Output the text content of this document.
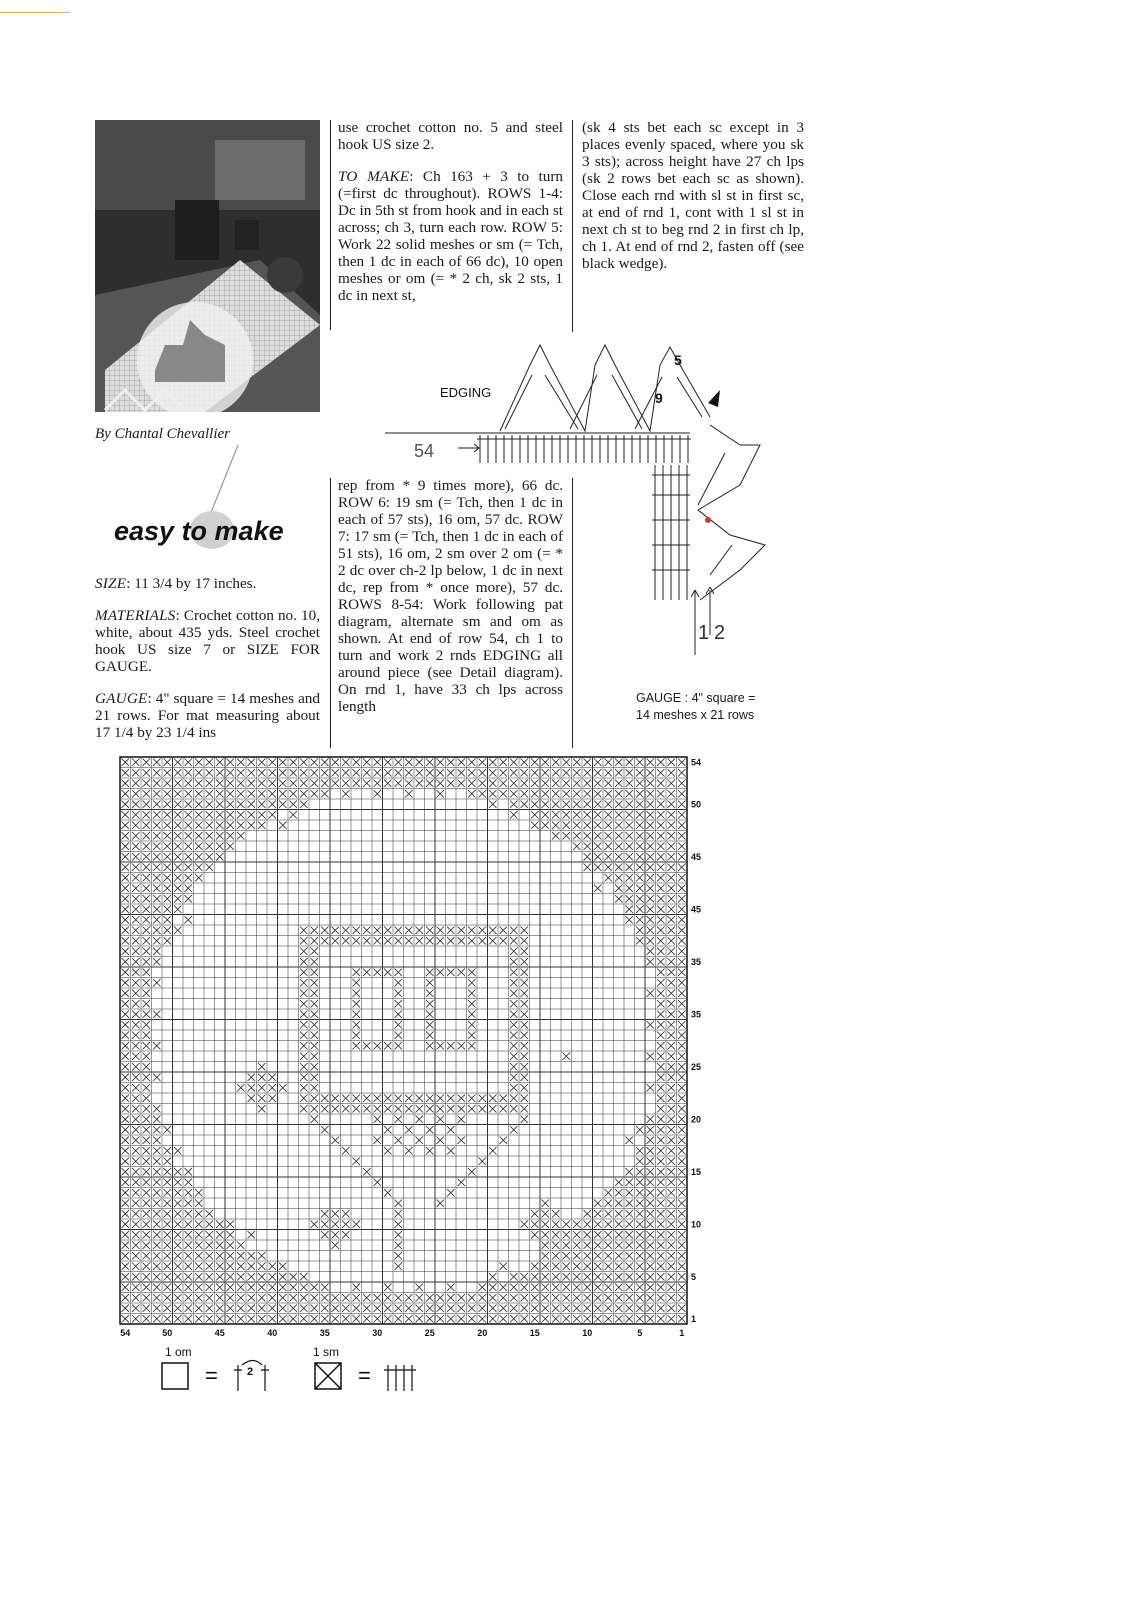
By Chantal Chevallier
easy to make

SIZE: 11 3/4 by 17 inches.

MATERIALS: Crochet cotton no. 10, white, about 435 yds. Steel crochet hook US size 7 or SIZE FOR GAUGE.

GAUGE: 4" square = 14 meshes and 21 rows. For mat measuring about 17 1/4 by 23 1/4 ins

use crochet cotton no. 5 and steel hook US size 2.

TO MAKE: Ch 163 + 3 to turn (=first dc throughout). ROWS 1-4: Dc in 5th st from hook and in each st across; ch 3, turn each row. ROW 5: Work 22 solid meshes or sm (= Tch, then 1 dc in each of 66 dc), 10 open meshes or om (= * 2 ch, sk 2 sts, 1 dc in next st,

(sk 4 sts bet each sc except in 3 places evenly spaced, where you sk 3 sts); across height have 27 ch lps (sk 2 rows bet each sc as shown). Close each rnd with sl st in first sc, at end of rnd 1, cont with 1 sl st in next ch st to beg rnd 2 in first ch lp, ch 1. At end of rnd 2, fasten off (see black wedge).

rep from * 9 times more), 66 dc. ROW 6: 19 sm (= Tch, then 1 dc in each of 57 sts), 16 om, 57 dc. ROW 7: 17 sm (= Tch, then 1 dc in each of 51 sts), 16 om, 2 sm over 2 om (= * 2 dc over ch-2 lp below, 1 dc in next dc, rep from * once more), 57 dc. ROWS 8-54: Work following pat diagram, alternate sm and om as shown. At end of row 54, ch 1 to turn and work 2 rnds EDGING all around piece (see Detail diagram). On rnd 1, have 33 ch lps across length

EDGING
54
5
9
1 2
GAUGE : 4" square =
14 meshes x 21 rows
54	50	45	40	35	30	25	20	15	10	5	1
54
50
45
45
35
35
25
20
15
10
5
1
1 om
=	2
1 sm
=
